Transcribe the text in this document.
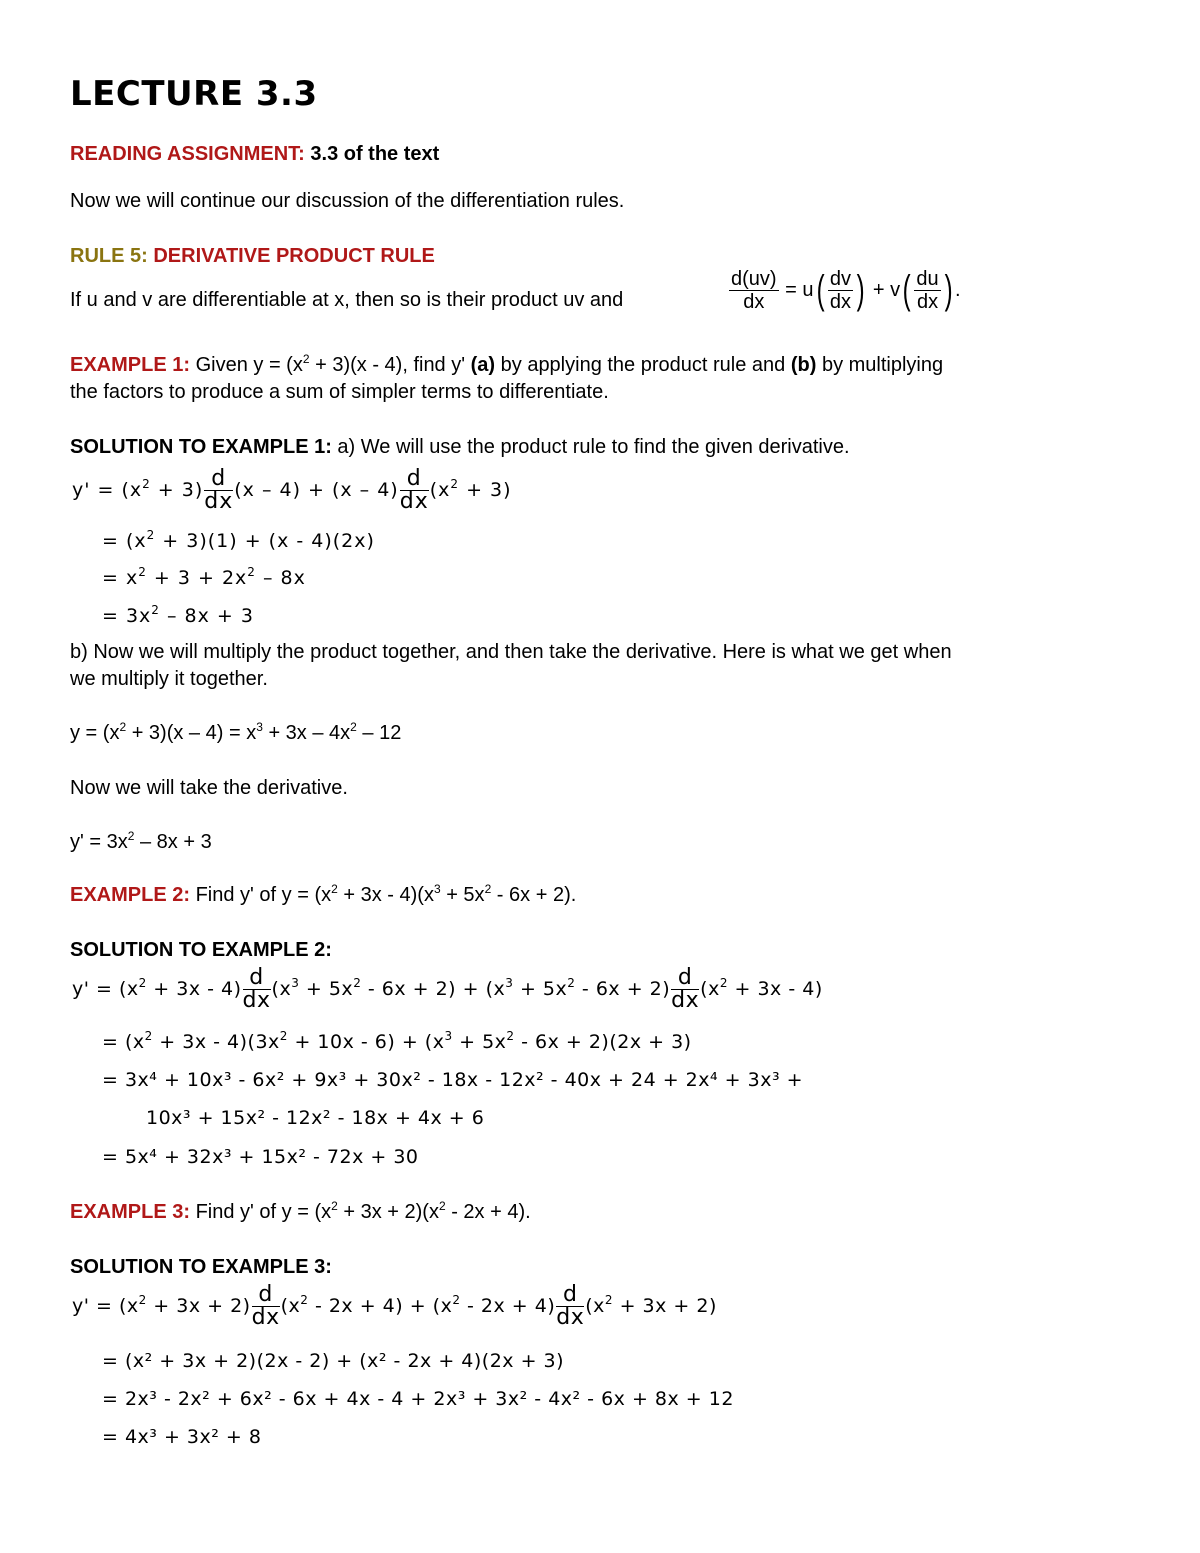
LECTURE 3.3
READING ASSIGNMENT: 3.3 of the text
Now we will continue our discussion of the differentiation rules.
RULE 5: DERIVATIVE PRODUCT RULE
If u and v are differentiable at x, then so is their product uv and	$\frac{d(uv)}{dx} = u( \frac{dv}{dx}$ ) + $v( \frac{du}{dx}$ ) .
EXAMPLE 1: Given $y = (x^2 + 3)(x - 4)$, find y' (a) by applying the product rule and (b) by multiplying
the factors to produce a sum of simpler terms to differentiate.
SOLUTION TO EXAMPLE 1: a) We will use the product rule to find the given derivative.
$y' = (x^2 + 3) \frac{d}{dx} (x - 4) + (x - 4) \frac{d}{dx} (x^2 + 3)$
= $(x^2 + 3)(1) + (x - 4)(2x)$
= $x^2 + 3 + 2x^2 - 8x$
= $3x^2 - 8x + 3$
b) Now we will multiply the product together, and then take the derivative. Here is what we get when
we multiply it together.
$y = (x^2 + 3)(x - 4) = x^3 + 3x - 4x^2 - 12$
Now we will take the derivative.
$y' = 3x^2 - 8x + 3$
EXAMPLE 2: Find y' of $y = (x^2 + 3x - 4)(x^3 + 5x^2 - 6x + 2)$.
SOLUTION TO EXAMPLE 2:
$y' = (x^2 + 3x - 4) \frac{d}{dx} (x^3 + 5x^2 - 6x + 2) + (x^3 + 5x^2 - 6x + 2) \frac{d}{dx} (x^2 + 3x - 4)$
= $(x^2 + 3x - 4)(3x^2 + 10x - 6) + (x^3 + 5x^2 - 6x + 2)(2x + 3)$
= 3x⁴ + 10x³ - 6x² + 9x³ + 30x² - 18x - 12x² - 40x + 24 + 2x⁴ + 3x³ +
10x³ + 15x² - 12x² - 18x + 4x + 6
= 5x⁴ + 32x³ + 15x² - 72x + 30
EXAMPLE 3: Find y' of $y = (x^2 + 3x + 2)(x^2 - 2x + 4)$.
SOLUTION TO EXAMPLE 3:
$y' = (x^2 + 3x + 2) \frac{d}{dx} (x^2 - 2x + 4) + (x^2 - 2x + 4) \frac{d}{dx} (x^2 + 3x + 2)$
= (x² + 3x + 2)(2x - 2) + (x² - 2x + 4)(2x + 3)
= 2x³ - 2x² + 6x² - 6x + 4x - 4 + 2x³ + 3x² - 4x² - 6x + 8x + 12
= 4x³ + 3x² + 8
